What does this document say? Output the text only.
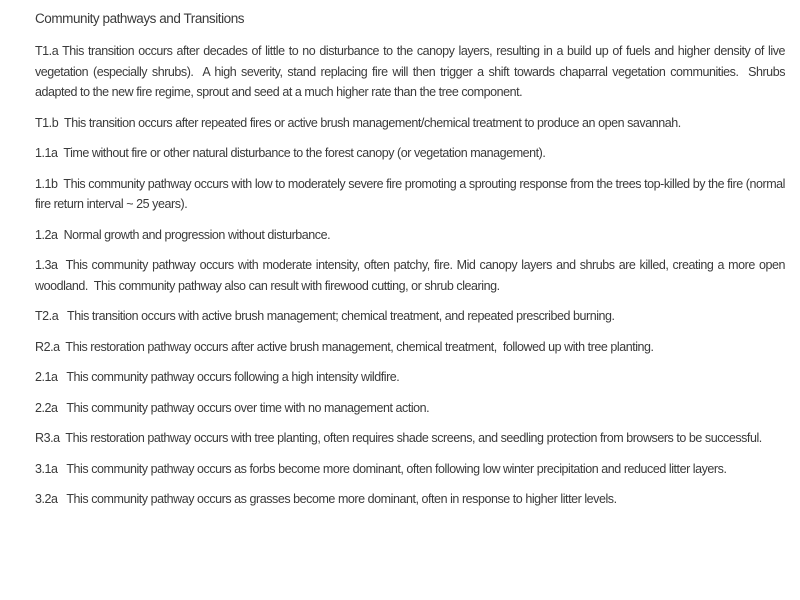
Community pathways and Transitions

T1.a This transition occurs after decades of little to no disturbance to the canopy layers, resulting in a build up of fuels and higher density of live vegetation (especially shrubs).  A high severity, stand replacing fire will then trigger a shift towards chaparral vegetation communities.  Shrubs adapted to the new fire regime, sprout and seed at a much higher rate than the tree component.

T1.b  This transition occurs after repeated fires or active brush management/chemical treatment to produce an open savannah.

1.1a  Time without fire or other natural disturbance to the forest canopy (or vegetation management).

1.1b  This community pathway occurs with low to moderately severe fire promoting a sprouting response from the trees top-killed by the fire (normal fire return interval ~ 25 years).

1.2a  Normal growth and progression without disturbance.

1.3a  This community pathway occurs with moderate intensity, often patchy, fire. Mid canopy layers and shrubs are killed, creating a more open woodland.  This community pathway also can result with firewood cutting, or shrub clearing.

T2.a   This transition occurs with active brush management; chemical treatment, and repeated prescribed burning.

R2.a  This restoration pathway occurs after active brush management, chemical treatment,  followed up with tree planting.

2.1a   This community pathway occurs following a high intensity wildfire.

2.2a   This community pathway occurs over time with no management action.

R3.a  This restoration pathway occurs with tree planting, often requires shade screens, and seedling protection from browsers to be successful.

3.1a   This community pathway occurs as forbs become more dominant, often following low winter precipitation and reduced litter layers.

3.2a   This community pathway occurs as grasses become more dominant, often in response to higher litter levels.
